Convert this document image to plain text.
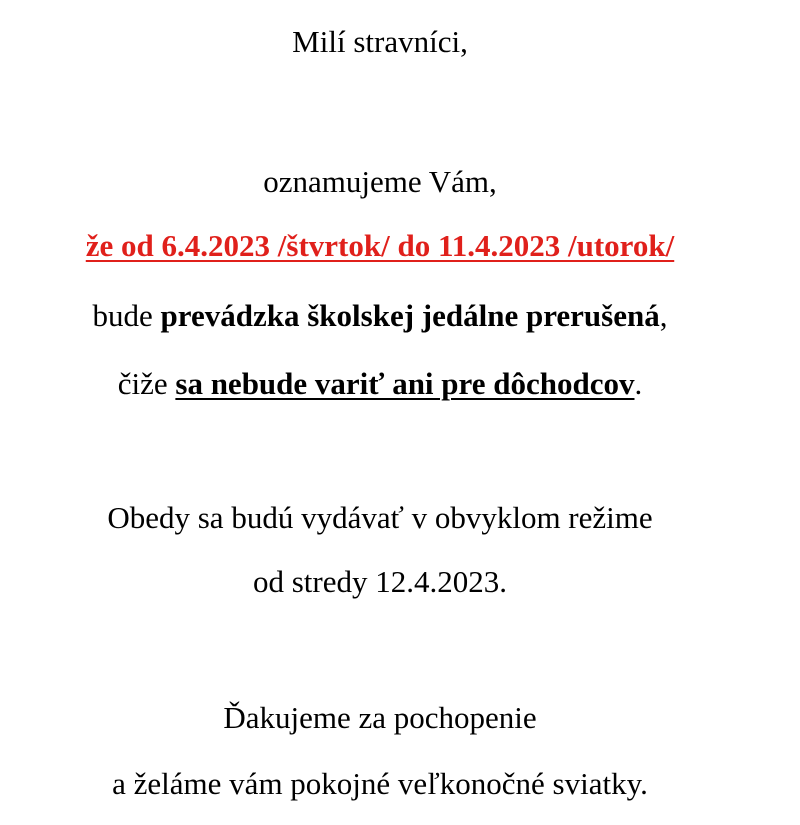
Milí stravníci,
oznamujeme Vám,
že od 6.4.2023 /štvrtok/ do 11.4.2023 /utorok/
bude prevádzka školskej jedálne prerušená,
čiže sa nebude variť ani pre dôchodcov.
Obedy sa budú vydávať v obvyklom režime
od stredy 12.4.2023.
Ďakujeme za pochopenie
a želáme vám pokojné veľkonočné sviatky.
